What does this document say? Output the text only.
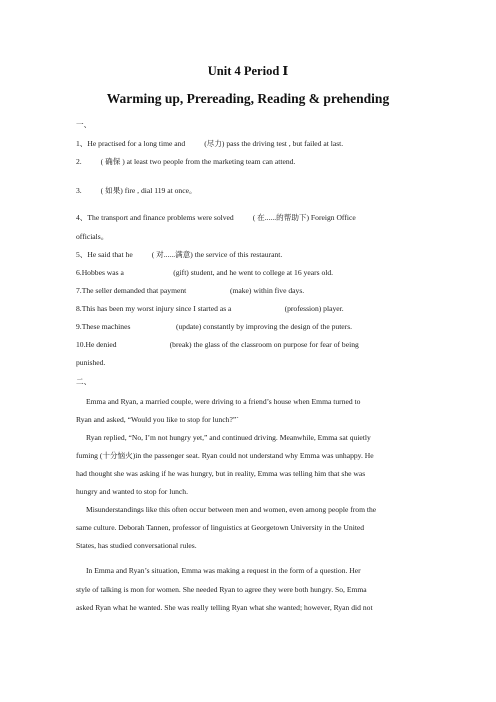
Unit 4 Period Ⅰ
Warming up, Prereading, Reading & prehending
一、
1、He practised for a long time and          (尽力) pass the driving test , but failed at last.
2.          ( 确保 ) at least two people from the marketing team can attend.
3.          ( 如果) fire , dial 119 at once。
4、The transport and finance problems were solved          ( 在......的帮助下) Foreign Office
officials。
5、He said that he          ( 对......满意) the service of this restaurant.
6.Hobbes was a                          (gift) student, and he went to college at 16 years old.
7.The seller demanded that payment                       (make) within five days.
8.This has been my worst injury since I started as a                            (profession) player.
9.These machines                        (update) constantly by improving the design of the puters.
10.He denied                            (break) the glass of the classroom on purpose for fear of being
punished.
二、
Emma and Ryan, a married couple, were driving to a friend’s house when Emma turned to
Ryan and asked, “Would you like to stop for lunch?”`
Ryan replied, “No, I’m not hungry yet,” and continued driving. Meanwhile, Emma sat quietly
fuming (十分恼火)in the passenger seat. Ryan could not understand why Emma was unhappy. He
had thought she was asking if he was hungry, but in reality, Emma was telling him that she was
hungry and wanted to stop for lunch.
Misunderstandings like this often occur between men and women, even among people from the
same culture. Deborah Tannen, professor of linguistics at Georgetown University in the United
States, has studied conversational rules.
In Emma and Ryan’s situation, Emma was making a request in the form of a question. Her
style of talking is mon for women. She needed Ryan to agree they were both hungry. So, Emma
asked Ryan what he wanted. She was really telling Ryan what she wanted; however, Ryan did not
